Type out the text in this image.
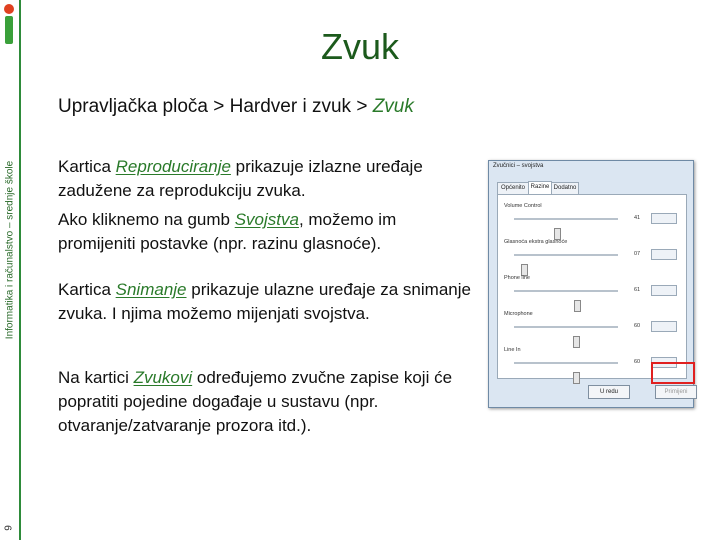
Informatika i računalstvo – srednje škole
9
Zvuk
Upravljačka ploča > Hardver i zvuk > Zvuk
Kartica Reproduciranje prikazuje izlazne uređaje zadužene za reprodukciju zvuka.
Ako kliknemo na gumb Svojstva, možemo im promijeniti postavke (npr. razinu glasnoće).
Kartica Snimanje prikazuje ulazne uređaje za snimanje zvuka. I njima možemo mijenjati svojstva.
Na kartici Zvukovi određujemo zvučne zapise koji će popratiti pojedine događaje u sustavu (npr. otvaranje/zatvaranje prozora itd.).
Zvučnici – svojstva
Općenito Razine Dodatno
Volume Control
41
Glasnoća ekstra glasnoće
07
Phone line
61
Microphone
60
Line In
60
U redu	Primijeni
